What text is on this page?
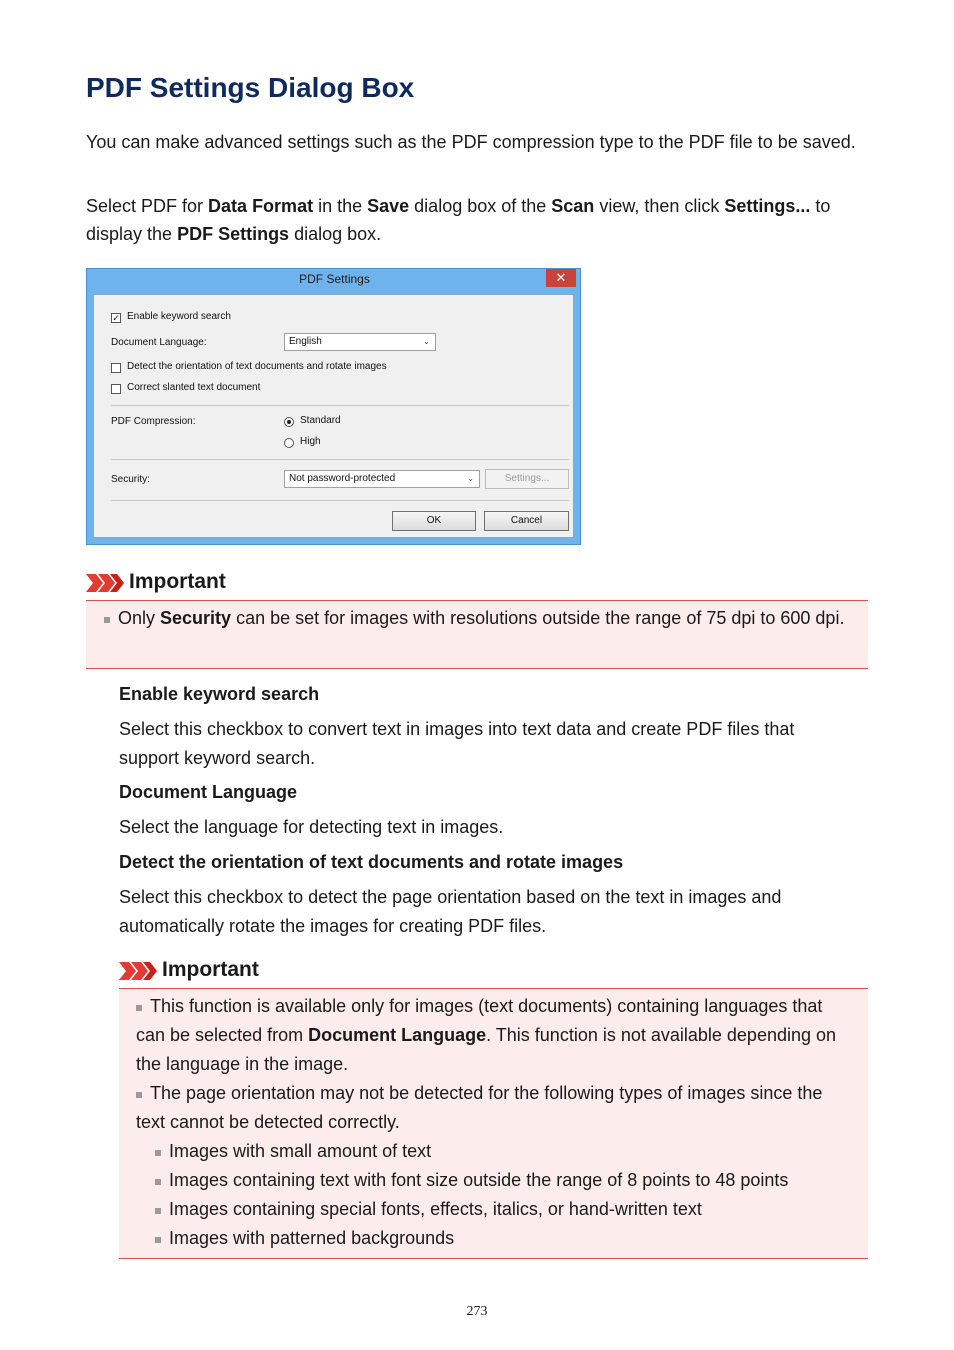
PDF Settings Dialog Box

You can make advanced settings such as the PDF compression type to the PDF file to be saved.

Select PDF for Data Format in the Save dialog box of the Scan view, then click Settings... to display the PDF Settings dialog box.

PDF Settings	✕
✓ Enable keyword search
Document Language:	English	⌄
Detect the orientation of text documents and rotate images
Correct slanted text document
PDF Compression:	Standard
High
Security:	Not password-protected	⌄	Settings...
OK	Cancel
Important
Only Security can be set for images with resolutions outside the range of 75 dpi to 600 dpi.
Enable keyword search
Select this checkbox to convert text in images into text data and create PDF files that support keyword search.
Document Language
Select the language for detecting text in images.
Detect the orientation of text documents and rotate images
Select this checkbox to detect the page orientation based on the text in images and automatically rotate the images for creating PDF files.
Important
This function is available only for images (text documents) containing languages that can be selected from Document Language. This function is not available depending on the language in the image.
The page orientation may not be detected for the following types of images since the text cannot be detected correctly.
Images with small amount of text
Images containing text with font size outside the range of 8 points to 48 points
Images containing special fonts, effects, italics, or hand-written text
Images with patterned backgrounds
273
